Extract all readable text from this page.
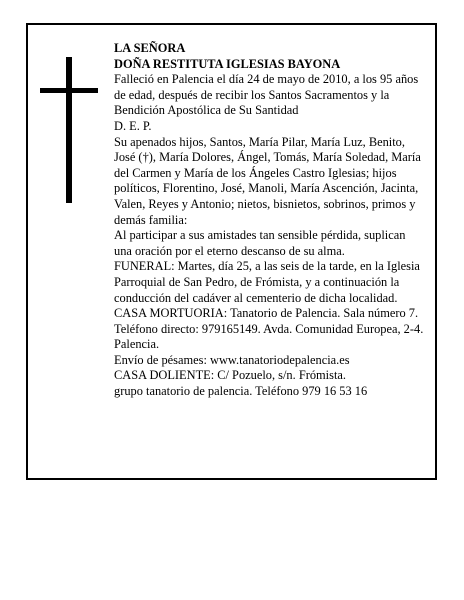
LA SEÑORA

DOÑA RESTITUTA IGLESIAS BAYONA

Falleció en Palencia el día 24 de mayo de 2010, a los 95 años de edad, después de recibir los Santos Sacramentos y la Bendición Apostólica de Su Santidad

D. E. P.

Su apenados hijos, Santos, María Pilar, María Luz, Benito, José (†), María Dolores, Ángel, Tomás, María Soledad, María del Carmen y María de los Ángeles Castro Iglesias; hijos políticos, Florentino, José, Manoli, María Ascención, Jacinta, Valen, Reyes y Antonio; nietos, bisnietos, sobrinos, primos y demás familia:

Al participar a sus amistades tan sensible pérdida, suplican una oración por el eterno descanso de su alma.

FUNERAL: Martes, día 25, a las seis de la tarde, en la Iglesia Parroquial de San Pedro, de Frómista, y a continuación la conducción del cadáver al cementerio de dicha localidad.

CASA MORTUORIA: Tanatorio de Palencia. Sala número 7. Teléfono directo: 979165149. Avda. Comunidad Europea, 2-4. Palencia.

Envío de pésames: www.tanatoriodepalencia.es

CASA DOLIENTE: C/ Pozuelo, s/n. Frómista.

grupo tanatorio de palencia. Teléfono 979 16 53 16
